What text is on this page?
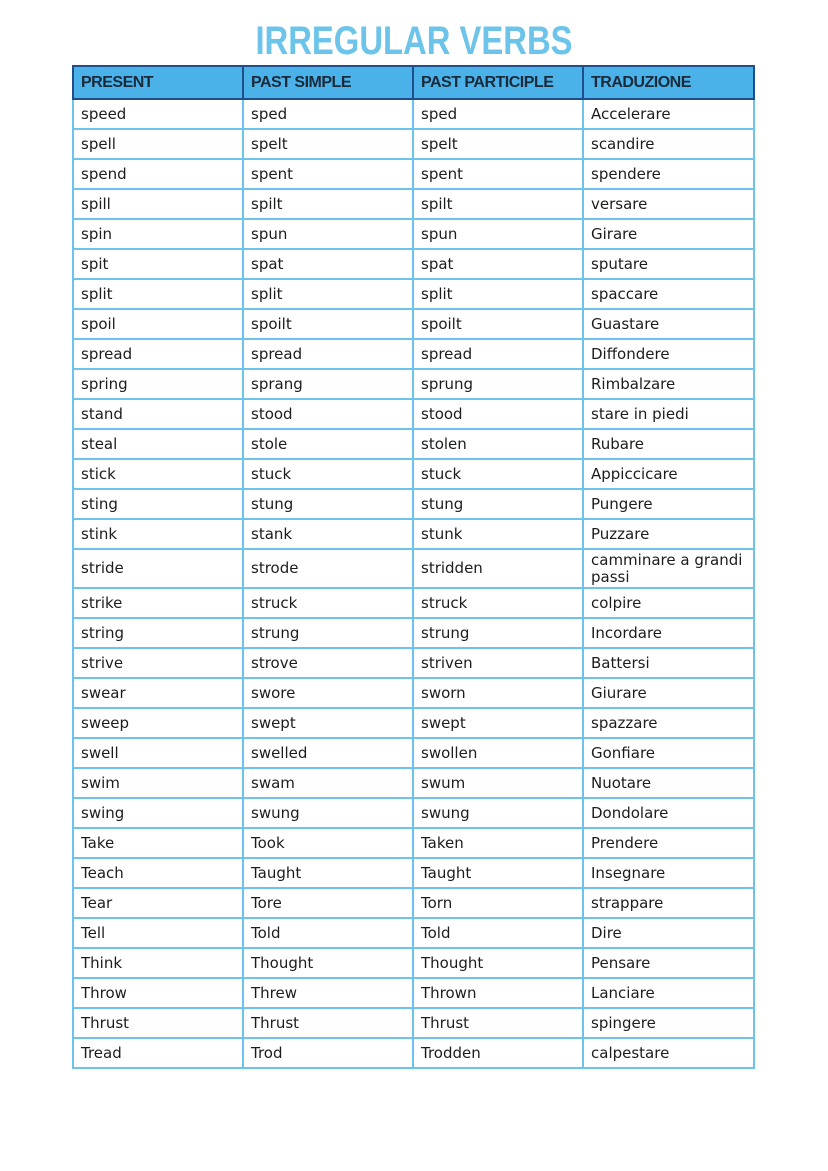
IRREGULAR VERBS
PRESENT	PAST SIMPLE	PAST PARTICIPLE	TRADUZIONE
speed	sped	sped	Accelerare
spell	spelt	spelt	scandire
spend	spent	spent	spendere
spill	spilt	spilt	versare
spin	spun	spun	Girare
spit	spat	spat	sputare
split	split	split	spaccare
spoil	spoilt	spoilt	Guastare
spread	spread	spread	Diffondere
spring	sprang	sprung	Rimbalzare
stand	stood	stood	stare in piedi
steal	stole	stolen	Rubare
stick	stuck	stuck	Appiccicare
sting	stung	stung	Pungere
stink	stank	stunk	Puzzare
stride	strode	stridden	camminare a grandi passi
strike	struck	struck	colpire
string	strung	strung	Incordare
strive	strove	striven	Battersi
swear	swore	sworn	Giurare
sweep	swept	swept	spazzare
swell	swelled	swollen	Gonfiare
swim	swam	swum	Nuotare
swing	swung	swung	Dondolare
Take	Took	Taken	Prendere
Teach	Taught	Taught	Insegnare
Tear	Tore	Torn	strappare
Tell	Told	Told	Dire
Think	Thought	Thought	Pensare
Throw	Threw	Thrown	Lanciare
Thrust	Thrust	Thrust	spingere
Tread	Trod	Trodden	calpestare
